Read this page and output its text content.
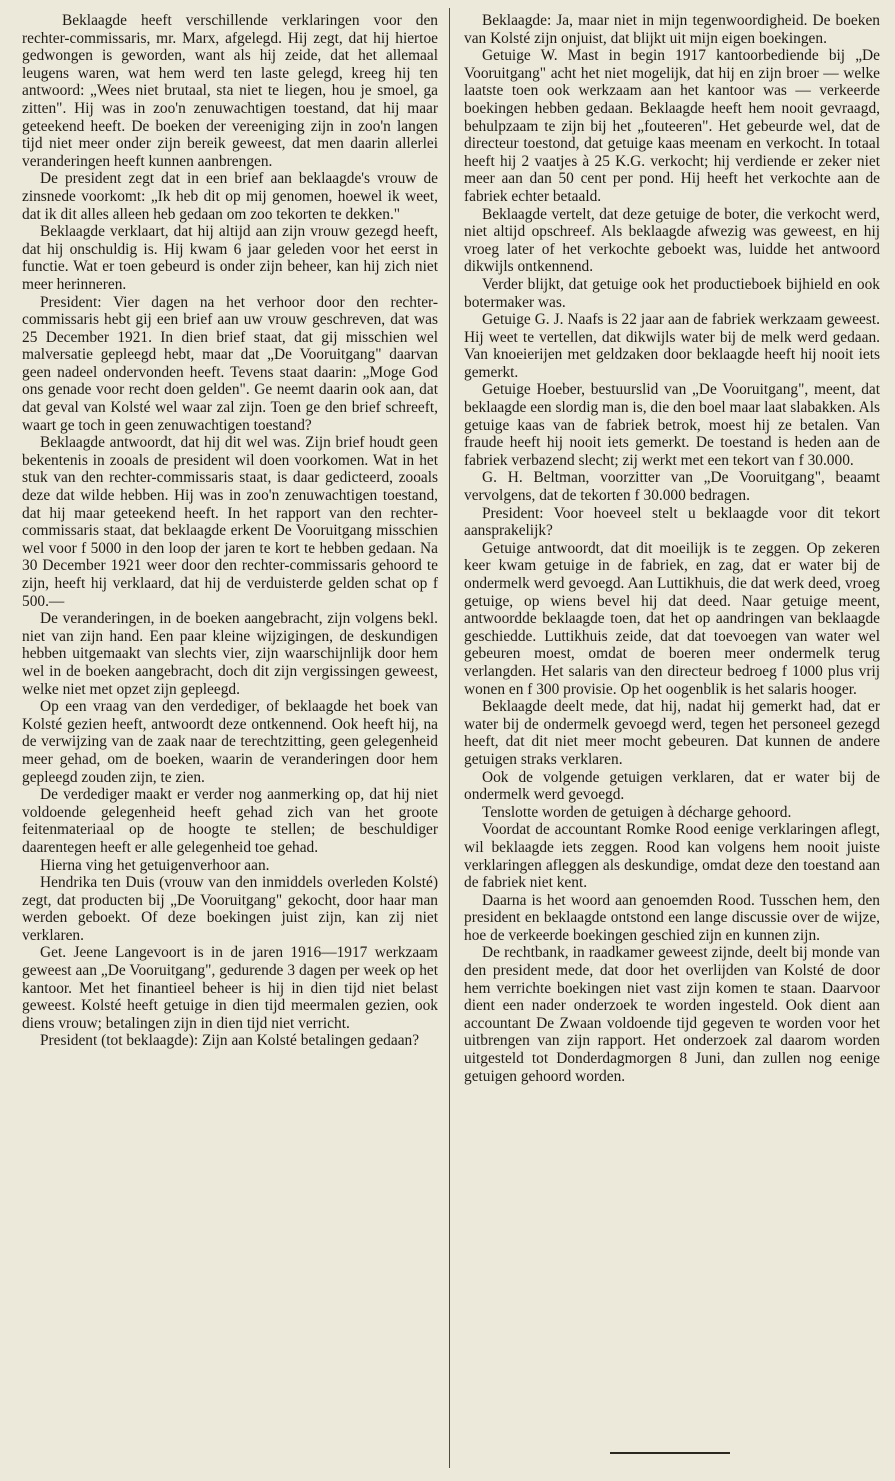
Beklaagde heeft verschillende verklaringen voor den rechter-commissaris, mr. Marx, afgelegd. Hij zegt, dat hij hiertoe gedwongen is geworden, want als hij zeide, dat het allemaal leugens waren, wat hem werd ten laste gelegd, kreeg hij ten antwoord: „Wees niet brutaal, sta niet te liegen, hou je smoel, ga zitten". Hij was in zoo'n zenuwachtigen toestand, dat hij maar geteekend heeft. De boeken der vereeniging zijn in zoo'n langen tijd niet meer onder zijn bereik geweest, dat men daarin allerlei veranderingen heeft kunnen aanbrengen.

De president zegt dat in een brief aan beklaagde's vrouw de zinsnede voorkomt: „Ik heb dit op mij genomen, hoewel ik weet, dat ik dit alles alleen heb gedaan om zoo tekorten te dekken."

Beklaagde verklaart, dat hij altijd aan zijn vrouw gezegd heeft, dat hij onschuldig is. Hij kwam 6 jaar geleden voor het eerst in functie. Wat er toen gebeurd is onder zijn beheer, kan hij zich niet meer herinneren.

President: Vier dagen na het verhoor door den rechter-commissaris hebt gij een brief aan uw vrouw geschreven, dat was 25 December 1921. In dien brief staat, dat gij misschien wel malversatie gepleegd hebt, maar dat „De Vooruitgang" daarvan geen nadeel ondervonden heeft. Tevens staat daarin: „Moge God ons genade voor recht doen gelden". Ge neemt daarin ook aan, dat dat geval van Kolsté wel waar zal zijn. Toen ge den brief schreeft, waart ge toch in geen zenuwachtigen toestand?

Beklaagde antwoordt, dat hij dit wel was. Zijn brief houdt geen bekentenis in zooals de president wil doen voorkomen. Wat in het stuk van den rechter-commissaris staat, is daar gedicteerd, zooals deze dat wilde hebben. Hij was in zoo'n zenuwachtigen toestand, dat hij maar geteekend heeft. In het rapport van den rechter-commissaris staat, dat beklaagde erkent De Vooruitgang misschien wel voor f 5000 in den loop der jaren te kort te hebben gedaan. Na 30 December 1921 weer door den rechter-commissaris gehoord te zijn, heeft hij verklaard, dat hij de verduisterde gelden schat op f 500.—

De veranderingen, in de boeken aangebracht, zijn volgens bekl. niet van zijn hand. Een paar kleine wijzigingen, de deskundigen hebben uitgemaakt van slechts vier, zijn waarschijnlijk door hem wel in de boeken aangebracht, doch dit zijn vergissingen geweest, welke niet met opzet zijn gepleegd.

Op een vraag van den verdediger, of beklaagde het boek van Kolsté gezien heeft, antwoordt deze ontkennend. Ook heeft hij, na de verwijzing van de zaak naar de terechtzitting, geen gelegenheid meer gehad, om de boeken, waarin de veranderingen door hem gepleegd zouden zijn, te zien.

De verdediger maakt er verder nog aanmerking op, dat hij niet voldoende gelegenheid heeft gehad zich van het groote feitenmateriaal op de hoogte te stellen; de beschuldiger daarentegen heeft er alle gelegenheid toe gehad.

Hierna ving het getuigenverhoor aan.

Hendrika ten Duis (vrouw van den inmiddels overleden Kolsté) zegt, dat producten bij „De Vooruitgang" gekocht, door haar man werden geboekt. Of deze boekingen juist zijn, kan zij niet verklaren.

Get. Jeene Langevoort is in de jaren 1916—1917 werkzaam geweest aan „De Vooruitgang", gedurende 3 dagen per week op het kantoor. Met het finantieel beheer is hij in dien tijd niet belast geweest. Kolsté heeft getuige in dien tijd meermalen gezien, ook diens vrouw; betalingen zijn in dien tijd niet verricht.

President (tot beklaagde): Zijn aan Kolsté betalingen gedaan?

Beklaagde: Ja, maar niet in mijn tegenwoordigheid. De boeken van Kolsté zijn onjuist, dat blijkt uit mijn eigen boekingen.

Getuige W. Mast in begin 1917 kantoorbediende bij „De Vooruitgang" acht het niet mogelijk, dat hij en zijn broer — welke laatste toen ook werkzaam aan het kantoor was — verkeerde boekingen hebben gedaan. Beklaagde heeft hem nooit gevraagd, behulpzaam te zijn bij het „fouteeren". Het gebeurde wel, dat de directeur toestond, dat getuige kaas meenam en verkocht. In totaal heeft hij 2 vaatjes à 25 K.G. verkocht; hij verdiende er zeker niet meer aan dan 50 cent per pond. Hij heeft het verkochte aan de fabriek echter betaald.

Beklaagde vertelt, dat deze getuige de boter, die verkocht werd, niet altijd opschreef. Als beklaagde afwezig was geweest, en hij vroeg later of het verkochte geboekt was, luidde het antwoord dikwijls ontkennend.

Verder blijkt, dat getuige ook het productieboek bijhield en ook botermaker was.

Getuige G. J. Naafs is 22 jaar aan de fabriek werkzaam geweest. Hij weet te vertellen, dat dikwijls water bij de melk werd gedaan. Van knoeierijen met geldzaken door beklaagde heeft hij nooit iets gemerkt.

Getuige Hoeber, bestuurslid van „De Vooruitgang", meent, dat beklaagde een slordig man is, die den boel maar laat slabakken. Als getuige kaas van de fabriek betrok, moest hij ze betalen. Van fraude heeft hij nooit iets gemerkt. De toestand is heden aan de fabriek verbazend slecht; zij werkt met een tekort van f 30.000.

G. H. Beltman, voorzitter van „De Vooruitgang", beaamt vervolgens, dat de tekorten f 30.000 bedragen.

President: Voor hoeveel stelt u beklaagde voor dit tekort aansprakelijk?

Getuige antwoordt, dat dit moeilijk is te zeggen. Op zekeren keer kwam getuige in de fabriek, en zag, dat er water bij de ondermelk werd gevoegd. Aan Luttikhuis, die dat werk deed, vroeg getuige, op wiens bevel hij dat deed. Naar getuige meent, antwoordde beklaagde toen, dat het op aandringen van beklaagde geschiedde. Luttikhuis zeide, dat dat toevoegen van water wel gebeuren moest, omdat de boeren meer ondermelk terug verlangden. Het salaris van den directeur bedroeg f 1000 plus vrij wonen en f 300 provisie. Op het oogenblik is het salaris hooger.

Beklaagde deelt mede, dat hij, nadat hij gemerkt had, dat er water bij de ondermelk gevoegd werd, tegen het personeel gezegd heeft, dat dit niet meer mocht gebeuren. Dat kunnen de andere getuigen straks verklaren.

Ook de volgende getuigen verklaren, dat er water bij de ondermelk werd gevoegd.

Tenslotte worden de getuigen à décharge gehoord.

Voordat de accountant Romke Rood eenige verklaringen aflegt, wil beklaagde iets zeggen. Rood kan volgens hem nooit juiste verklaringen afleggen als deskundige, omdat deze den toestand aan de fabriek niet kent.

Daarna is het woord aan genoemden Rood. Tusschen hem, den president en beklaagde ontstond een lange discussie over de wijze, hoe de verkeerde boekingen geschied zijn en kunnen zijn.

De rechtbank, in raadkamer geweest zijnde, deelt bij monde van den president mede, dat door het overlijden van Kolsté de door hem verrichte boekingen niet vast zijn komen te staan. Daarvoor dient een nader onderzoek te worden ingesteld. Ook dient aan accountant De Zwaan voldoende tijd gegeven te worden voor het uitbrengen van zijn rapport. Het onderzoek zal daarom worden uitgesteld tot Donderdagmorgen 8 Juni, dan zullen nog eenige getuigen gehoord worden.
